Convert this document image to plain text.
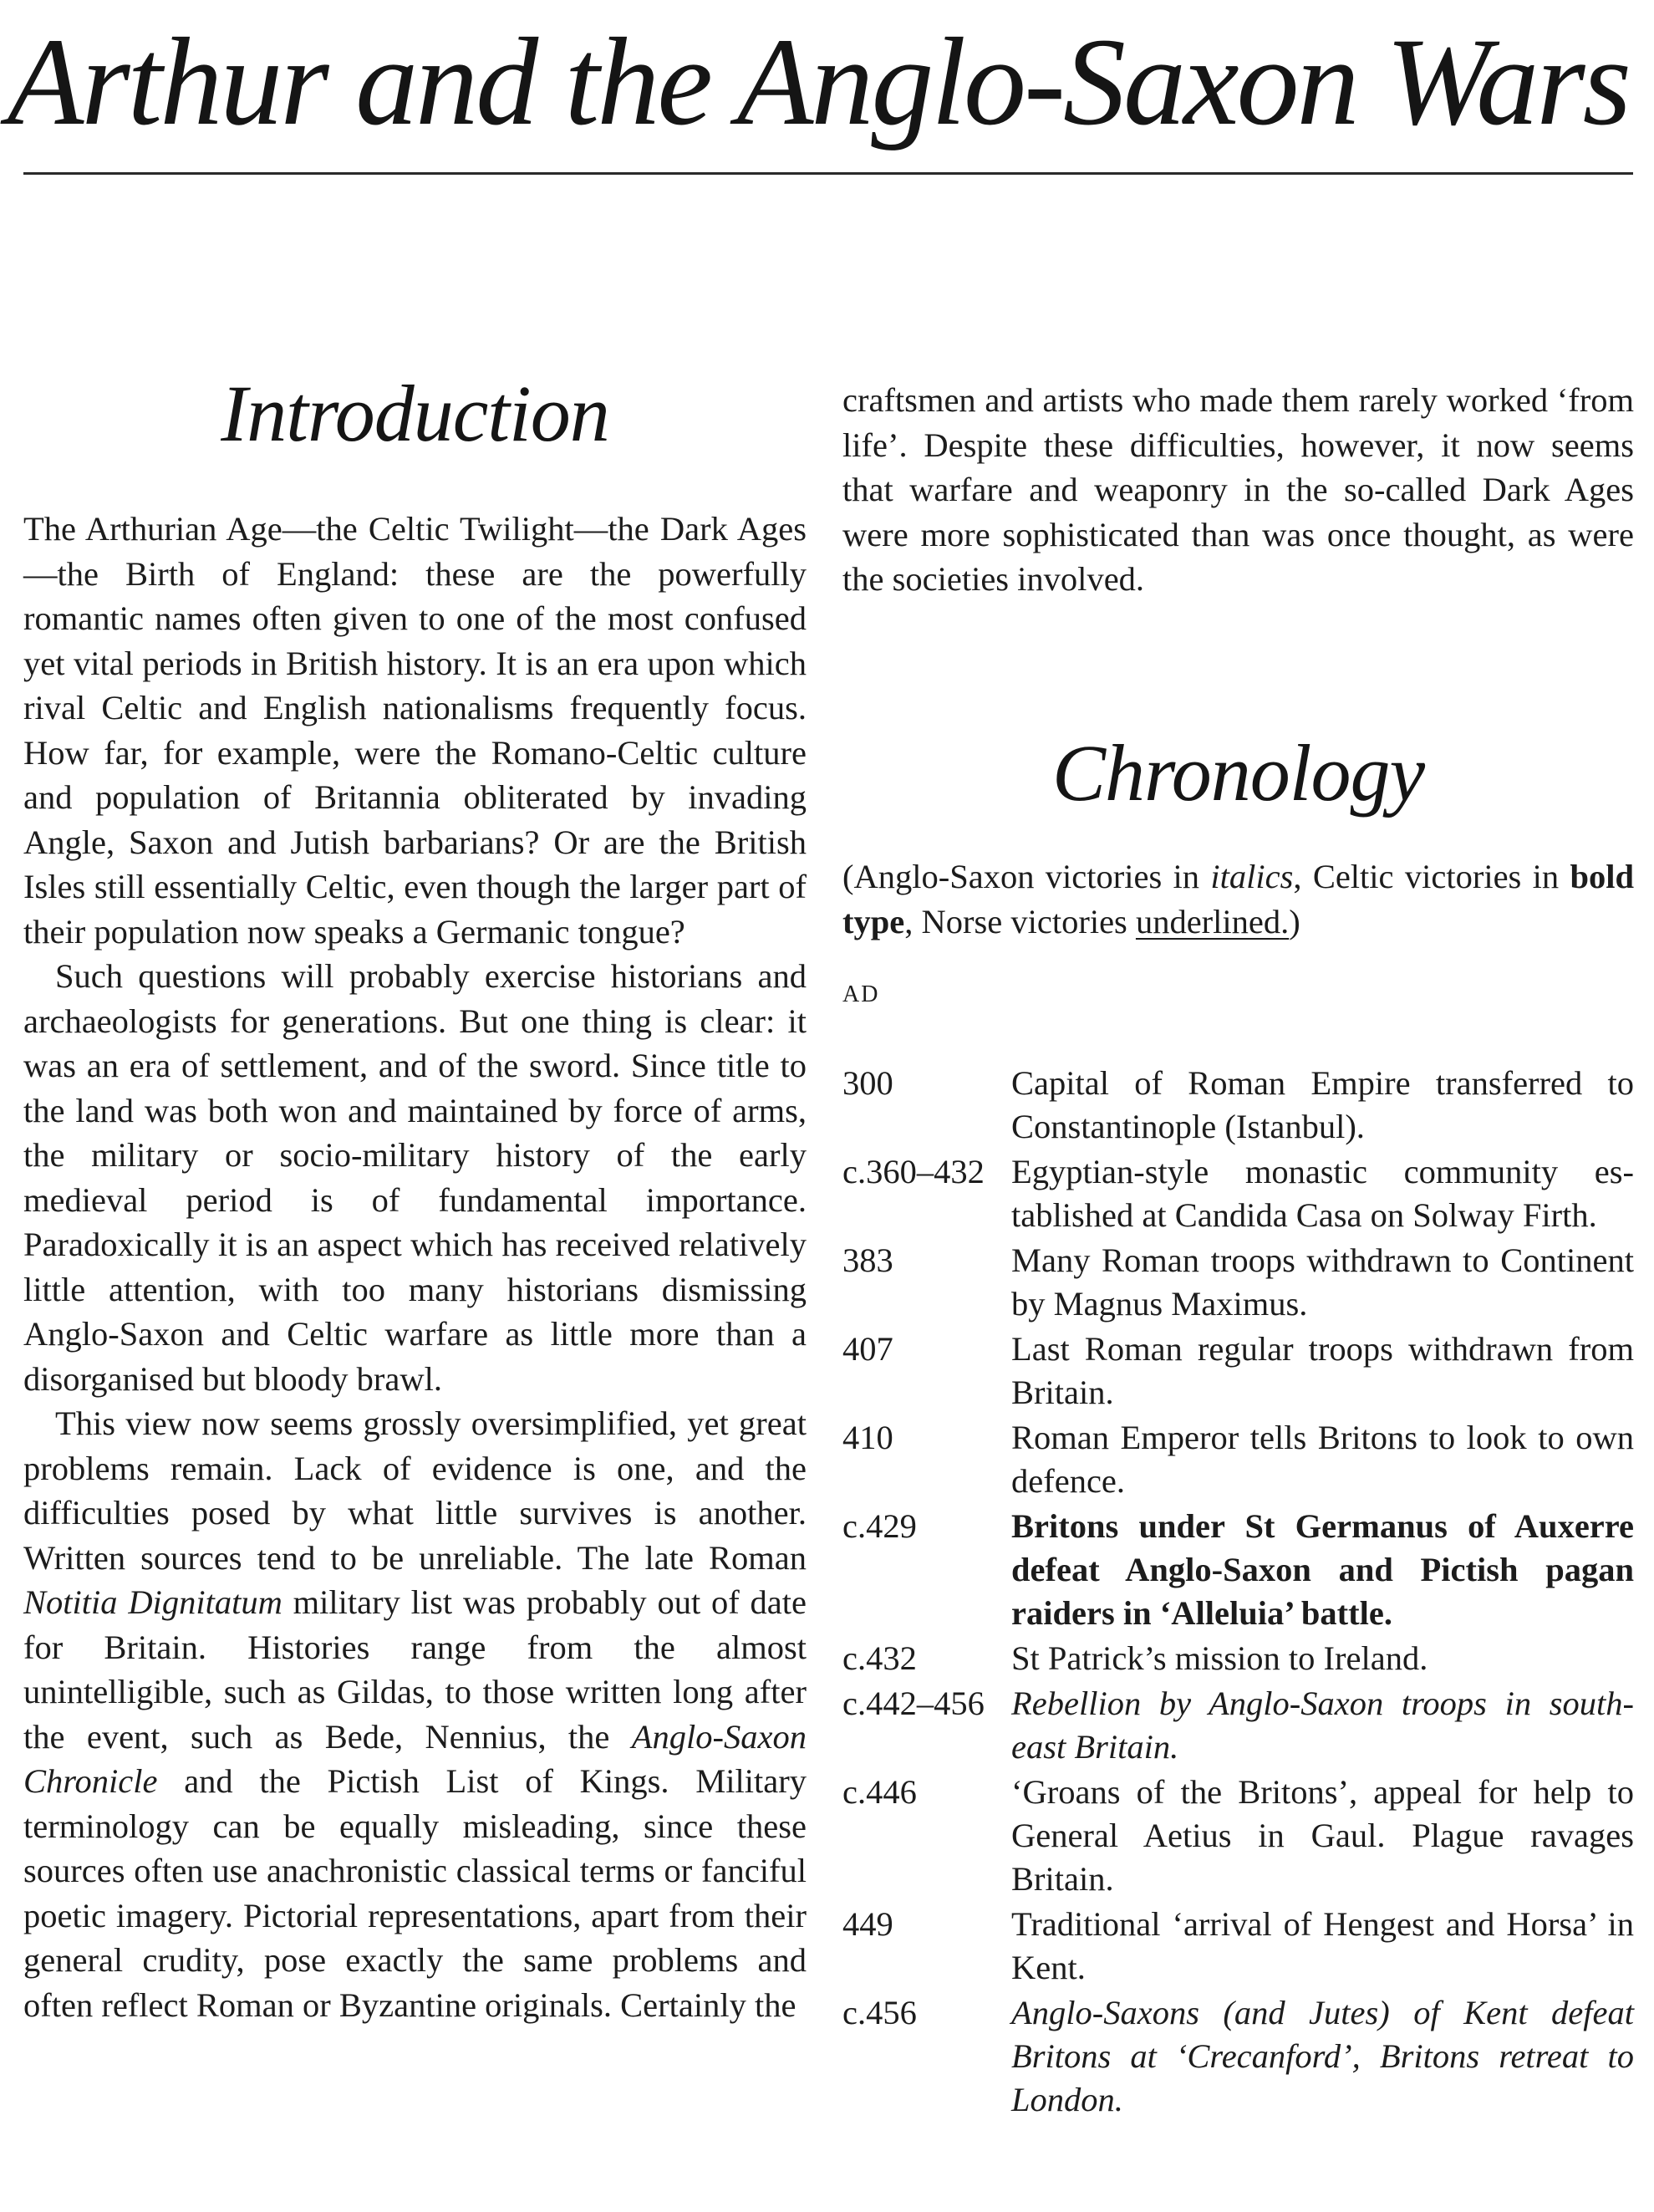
Arthur and the Anglo-Saxon Wars
Introduction

The Arthurian Age—the Celtic Twilight—the Dark Ages—the Birth of England: these are the powerfully romantic names often given to one of the most confused yet vital periods in British history. It is an era upon which rival Celtic and English nationalisms frequently focus. How far, for example, were the Romano-Celtic culture and population of Britannia obliterated by invading Angle, Saxon and Jutish barbarians? Or are the British Isles still essentially Celtic, even though the larger part of their population now speaks a Germanic tongue?

Such questions will probably exercise historians and archaeologists for generations. But one thing is clear: it was an era of settlement, and of the sword. Since title to the land was both won and maintained by force of arms, the military or socio-military history of the early medieval period is of fundamental importance. Paradoxically it is an aspect which has received relatively little attention, with too many historians dismissing Anglo-Saxon and Celtic warfare as little more than a disorganised but bloody brawl.

This view now seems grossly oversimplified, yet great problems remain. Lack of evidence is one, and the difficulties posed by what little survives is another. Written sources tend to be unreliable. The late Roman Notitia Dignitatum military list was probably out of date for Britain. Histories range from the almost unintelligible, such as Gildas, to those written long after the event, such as Bede, Nennius, the Anglo-Saxon Chronicle and the Pictish List of Kings. Military terminology can be equally misleading, since these sources often use anachronistic classical terms or fanciful poetic imagery. Pictorial representations, apart from their general crudity, pose exactly the same problems and often reflect Roman or Byzantine originals. Certainly the

craftsmen and artists who made them rarely worked ‘from life’. Despite these difficulties, however, it now seems that warfare and weaponry in the so-called Dark Ages were more sophisticated than was once thought, as were the societies involved.

Chronology

(Anglo-Saxon victories in italics, Celtic victories in bold type, Norse victories underlined.)

AD
300	Capital of Roman Empire transferred to Constantinople (Istanbul).
c.360–432 Egyptian-style monastic community established at Candida Casa on Solway Firth.
383	Many Roman troops withdrawn to Continent by Magnus Maximus.
407	Last Roman regular troops withdrawn from Britain.
410	Roman Emperor tells Britons to look to own defence.
c.429	Britons under St Germanus of Auxerre defeat Anglo-Saxon and Pictish pagan raiders in ‘Alleluia’ battle.
c.432	St Patrick’s mission to Ireland.
c.442–456 Rebellion by Anglo-Saxon troops in south-east Britain.
c.446	‘Groans of the Britons’, appeal for help to General Aetius in Gaul. Plague ravages Britain.
449	Traditional ‘arrival of Hengest and Horsa’ in Kent.
c.456	Anglo-Saxons (and Jutes) of Kent defeat Britons at ‘Crecanford’, Britons retreat to London.
